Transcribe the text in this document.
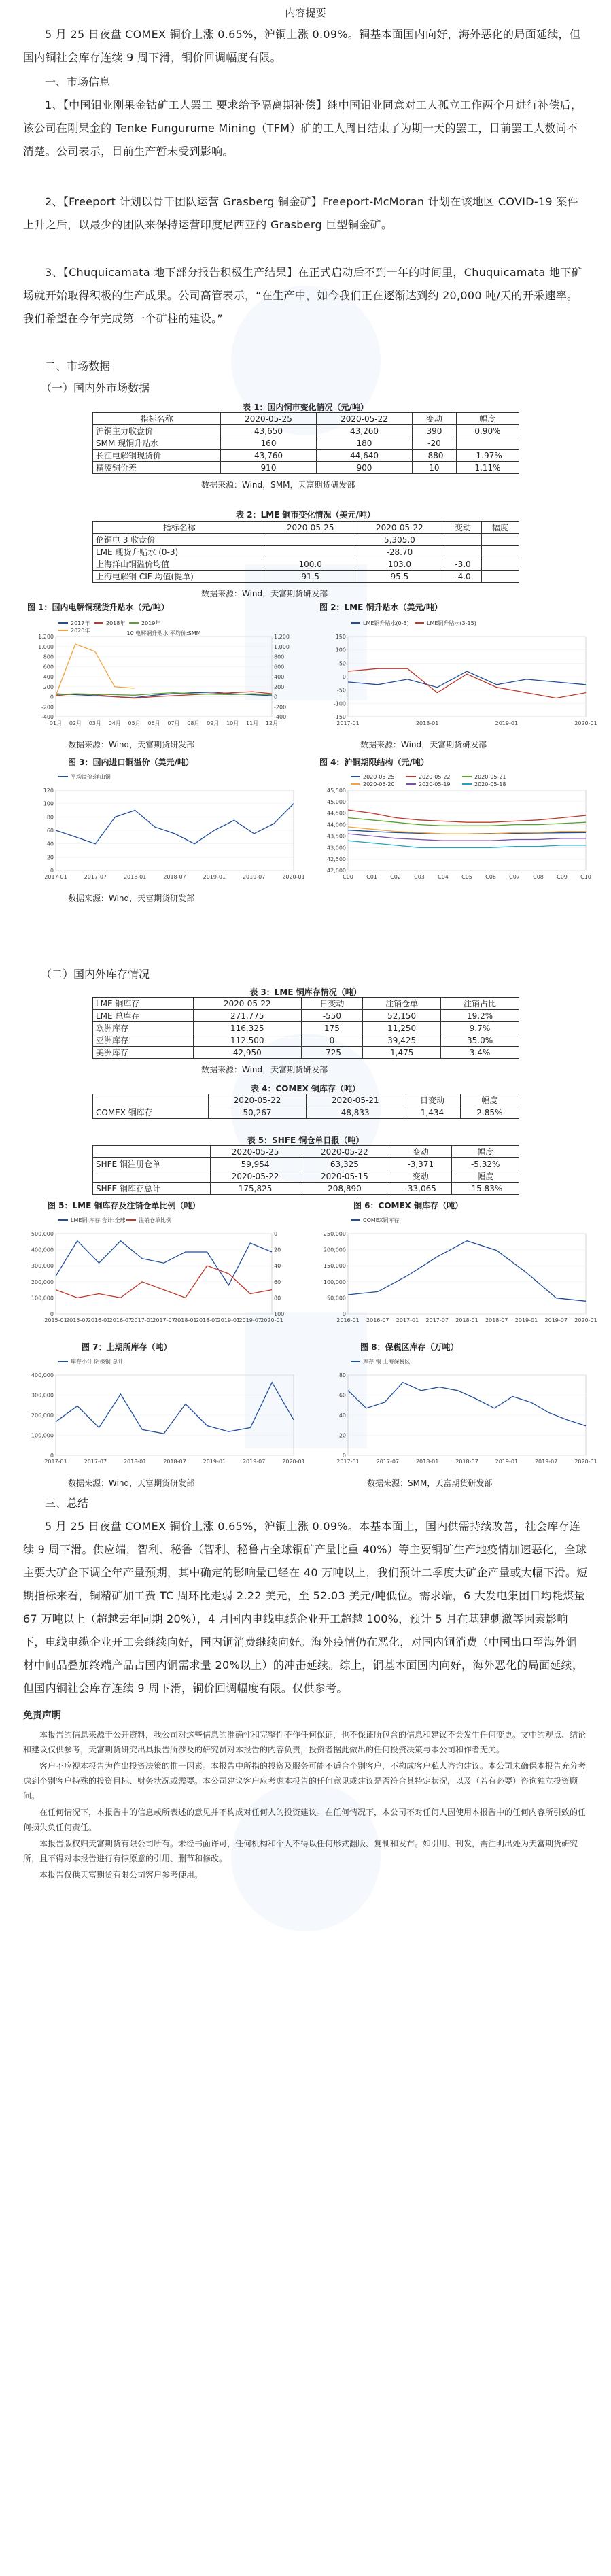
内容提要
5 月 25 日夜盘 COMEX 铜价上涨 0.65%，沪铜上涨 0.09%。铜基本面国内向好，海外恶化的局面延续，但国内铜社会库存连续 9 周下滑，铜价回调幅度有限。
一、市场信息
1、【中国钼业刚果金钴矿工人罢工 要求给予隔离期补偿】继中国钼业同意对工人孤立工作两个月进行补偿后，该公司在刚果金的 Tenke Fungurume Mining（TFM）矿的工人周日结束了为期一天的罢工，目前罢工人数尚不清楚。公司表示，目前生产暂未受到影响。
2、【Freeport 计划以骨干团队运营 Grasberg 铜金矿】Freeport-McMoran 计划在该地区 COVID-19 案件上升之后，以最少的团队来保持运营印度尼西亚的 Grasberg 巨型铜金矿。
3、【Chuquicamata 地下部分报告积极生产结果】在正式启动后不到一年的时间里，Chuquicamata 地下矿场就开始取得积极的生产成果。公司高管表示，“在生产中，如今我们正在逐渐达到约 20,000 吨/天的开采速率。我们希望在今年完成第一个矿柱的建设。”
二、市场数据
（一）国内外市场数据
表 1：国内铜市变化情况（元/吨）
指标名称	2020-05-25	2020-05-22	变动	幅度
沪铜主力收盘价	43,650	43,260	390	0.90%
SMM 现铜升贴水	160	180	-20	
长江电解铜现货价	43,760	44,640	-880	-1.97%
精废铜价差	910	900	10	1.11%
数据来源：Wind，SMM，天富期货研发部
表 2：LME 铜市变化情况（美元/吨）
指标名称	2020-05-25	2020-05-22	变动	幅度
伦铜电 3 收盘价		5,305.0		
LME 现货升贴水 (0-3)		-28.70		
上海洋山铜溢价均值	100.0	103.0	-3.0	
上海电解铜 CIF 均值(提单)	91.5	95.5	-4.0	
数据来源：Wind，天富期货研发部
图 1：国内电解铜现货升贴水（元/吨）	图 2：LME 铜升贴水（美元/吨）
2017年	2018年	2019年
2020年
-400
-200
0
200
400
600
800
1,000
1,200	1,200
1,000
800
600
400
200
0
-200
-400
01月 02月 03月 04月 05月 06月 07月 08月 09月 10月 11月 12月
10 电解铜升贴水:平均价:SMM
LME铜升贴水(0-3)	LME铜升贴水(3-15)
-150
-100
-50
0
50
100
150
2017-01	2018-01	2019-01	2020-01
数据来源：Wind，天富期货研发部	数据来源：Wind，天富期货研发部
图 3：国内进口铜溢价（美元/吨）	图 4：沪铜期限结构（元/吨）
平均溢价:洋山铜
0
20
40
60
80
100
120
2017-01	2017-07	2018-01	2018-07	2019-01	2019-07	2020-01
2020-05-25	2020-05-22	2020-05-21
2020-05-20	2020-05-19	2020-05-18
42,000
42,500
43,000
43,500
44,000
44,500
45,000
45,500
C00 C01 C02 C03 C04 C05 C06 C07 C08 C09 C10
数据来源：Wind，天富期货研发部
（二）国内外库存情况
表 3：LME 铜库存情况（吨）
LME 铜库存	2020-05-22	日变动	注销仓单	注销占比
LME 总库存	271,775	-550	52,150	19.2%
欧洲库存	116,325	175	11,250	9.7%
亚洲库存	112,500	0	39,425	35.0%
美洲库存	42,950	-725	1,475	3.4%
数据来源：Wind，天富期货研发部
表 4：COMEX 铜库存（吨）
	2020-05-22	2020-05-21	日变动	幅度
COMEX 铜库存	50,267	48,833	1,434	2.85%
表 5：SHFE 铜仓单日报（吨）
	2020-05-25	2020-05-22	变动	幅度
SHFE 铜注册仓单	59,954	63,325	-3,371	-5.32%
	2020-05-22	2020-05-15	变动	幅度
SHFE 铜库存总计	175,825	208,890	-33,065	-15.83%
图 5：LME 铜库存及注销仓单比例（吨）	图 6：COMEX 铜库存（吨）
LME铜:库存:合计:全球 注销仓单比例
0
100,000
200,000
300,000
400,000
500,000	0
20
40
60
80
100
2015-01
2015-07
2016-01
2016-07
2017-01
2017-07
2018-01
2018-07
2019-01
2019-07
2020-01
COMEX铜库存
0
50,000
100,000
150,000
200,000
250,000
2016-01 2016-07 2017-01 2017-07 2018-01 2018-07 2019-01 2019-07 2020-01
图 7：上期所库存（吨）	图 8：保税区库存（万吨）
库存小计:阴极铜:总计
0
100,000
200,000
300,000
400,000
2017-01	2017-07	2018-01	2018-07	2019-01	2019-07	2020-01
库存:铜:上海保税区
0
20
40
60
80
2017-01	2017-07	2018-01	2018-07	2019-01	2019-07	2020-01
数据来源：Wind，天富期货研发部	数据来源：SMM，天富期货研发部
三、总结
5 月 25 日夜盘 COMEX 铜价上涨 0.65%，沪铜上涨 0.09%。本基本面上，国内供需持续改善，社会库存连续 9 周下滑。供应端，智利、秘鲁（智利、秘鲁占全球铜矿产量比重 40%）等主要铜矿生产地疫情加速恶化，全球主要大矿企下调全年产量预期，其中确定的影响量已经在 40 万吨以上，我们预计二季度大矿企产量或大幅下滑。短期指标来看，铜精矿加工费 TC 周环比走弱 2.22 美元，至 52.03 美元/吨低位。需求端，6 大发电集团日均耗煤量 67 万吨以上（超越去年同期 20%），4 月国内电线电缆企业开工超越 100%，预计 5 月在基建刺激等因素影响下，电线电缆企业开工会继续向好，国内铜消费继续向好。海外疫情仍在恶化，对国内铜消费（中国出口至海外铜材中间品叠加终端产品占国内铜需求量 20%以上）的冲击延续。综上，铜基本面国内向好，海外恶化的局面延续，但国内铜社会库存连续 9 周下滑，铜价回调幅度有限。仅供参考。
免责声明
本报告的信息来源于公开资料，我公司对这些信息的准确性和完整性不作任何保证，也不保证所包含的信息和建议不会发生任何变更。文中的观点、结论和建议仅供参考，天富期货研究出具报告所涉及的研究员对本报告的内容负责，投资者据此做出的任何投资决策与本公司和作者无关。
客户不应视本报告为作出投资决策的惟一因素。本报告中所指的投资及服务可能不适合个别客户，不构成客户私人咨询建议。本公司未确保本报告充分考虑到个别客户特殊的投资目标、财务状况或需要。本公司建议客户应考虑本报告的任何意见或建议是否符合其特定状况，以及（若有必要）咨询独立投资顾问。
在任何情况下，本报告中的信息或所表述的意见并不构成对任何人的投资建议。在任何情况下，本公司不对任何人因使用本报告中的任何内容所引致的任何损失负任何责任。
本报告版权归天富期货有限公司所有。未经书面许可，任何机构和个人不得以任何形式翻版、复制和发布。如引用、刊发，需注明出处为天富期货研究所，且不得对本报告进行有悖原意的引用、删节和修改。
本报告仅供天富期货有限公司客户参考使用。
